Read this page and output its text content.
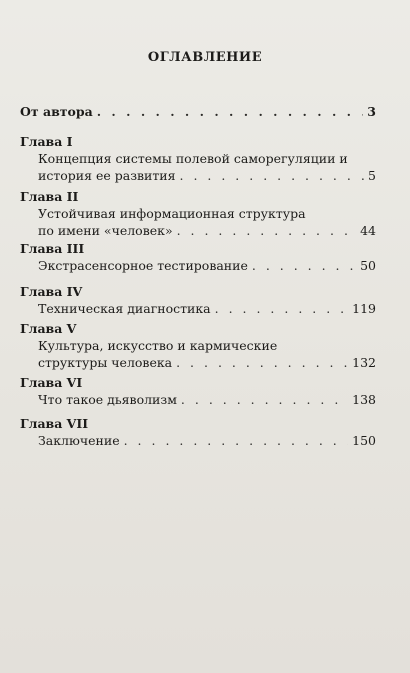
ОГЛАВЛЕНИЕ
От автора . . .	3
Глава I
Концепция системы полевой саморегуляции и
история ее развития . . .	5
Глава II
Устойчивая информационная структура
по имени «человек» . . .	44
Глава III
Экстрасенсорное тестирование . . .	50
Глава IV
Техническая диагностика . . .	119
Глава V
Культура, искусство и кармические
структуры человека . . .	132
Глава VI
Что такое дьяволизм . . .	138
Глава VII
Заключение . . .	150
